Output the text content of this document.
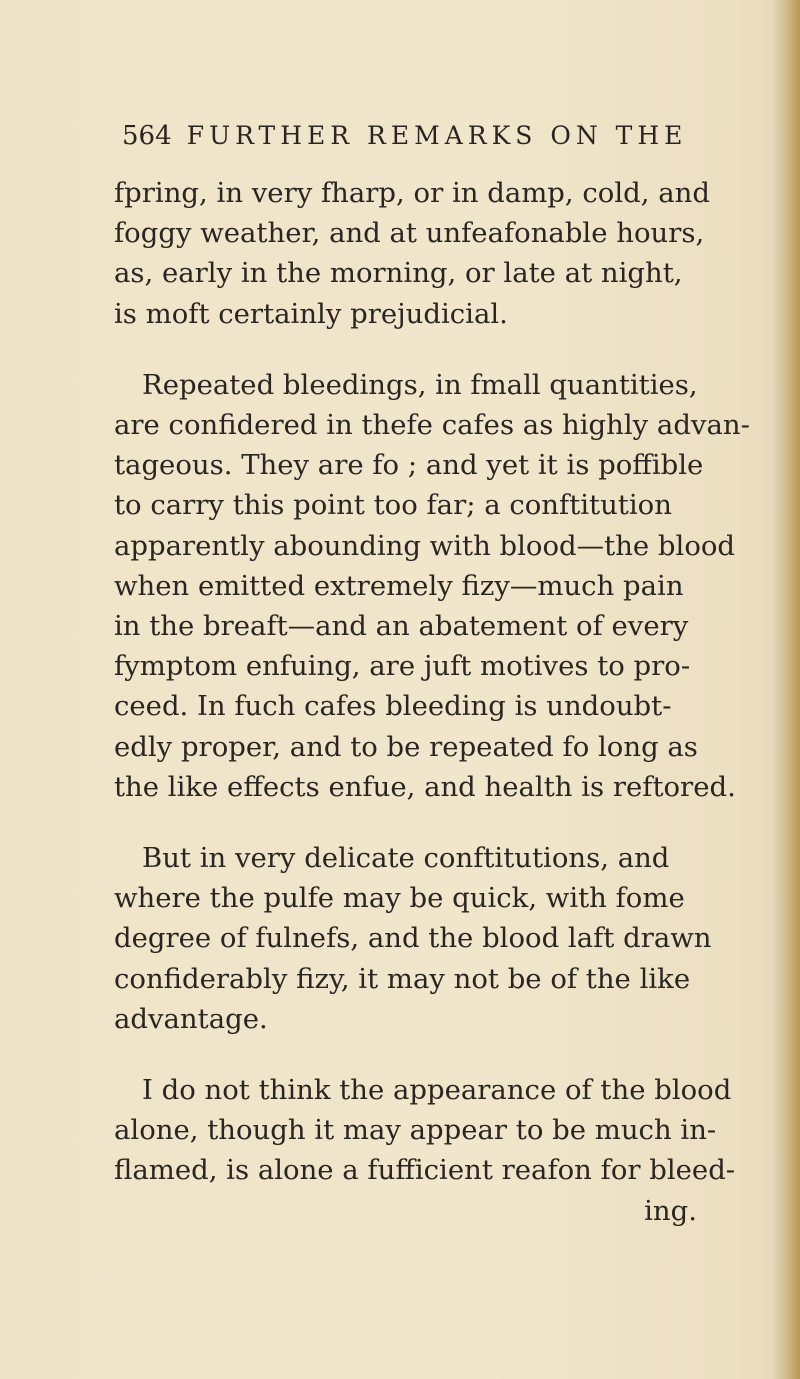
564 FURTHER REMARKS ON THE
fpring, in very fharp, or in damp, cold, and
foggy weather, and at unfeafonable hours,
as, early in the morning, or late at night,
is moft certainly prejudicial.
Repeated bleedings, in fmall quantities,
are confidered in thefe cafes as highly advan-
tageous. They are fo ; and yet it is poffible
to carry this point too far; a conftitution
apparently abounding with blood—the blood
when emitted extremely fizy—much pain
in the breaft—and an abatement of every
fymptom enfuing, are juft motives to pro-
ceed. In fuch cafes bleeding is undoubt-
edly proper, and to be repeated fo long as
the like effects enfue, and health is reftored.
But in very delicate conftitutions, and
where the pulfe may be quick, with fome
degree of fulnefs, and the blood laft drawn
confiderably fizy, it may not be of the like
advantage.
I do not think the appearance of the blood
alone, though it may appear to be much in-
flamed, is alone a fufficient reafon for bleed-
ing.
